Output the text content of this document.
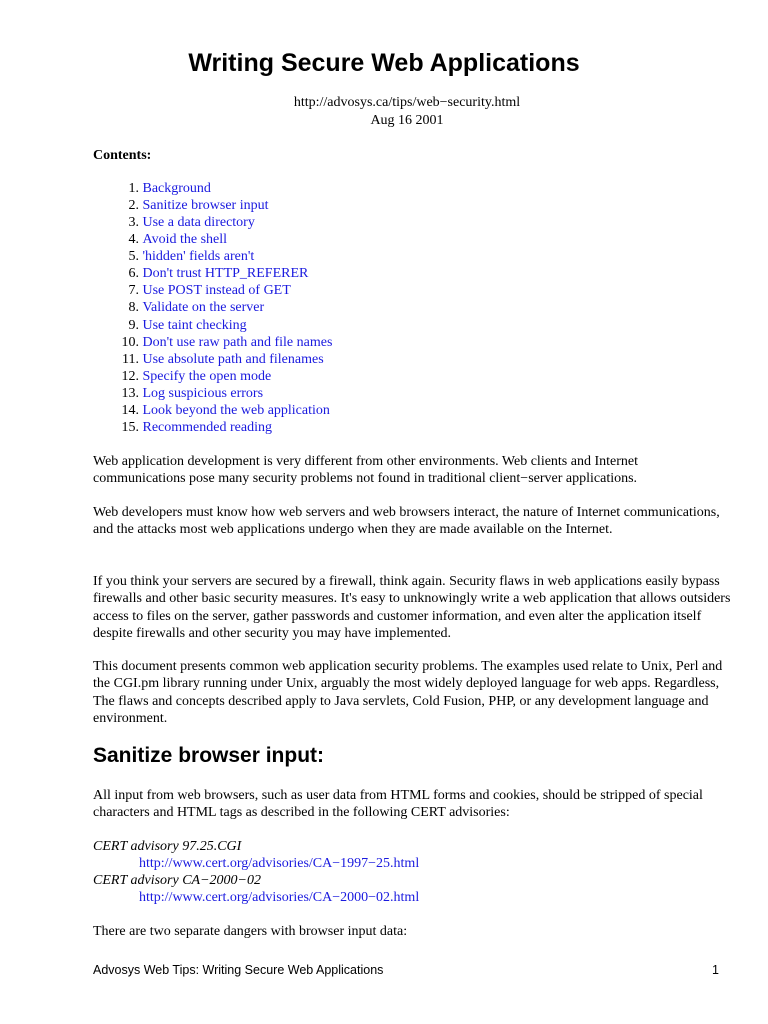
Writing Secure Web Applications
http://advosys.ca/tips/web−security.html
Aug 16 2001
Contents:
1.
Background
2.
Sanitize browser input
3.
Use a data directory
4.
Avoid the shell
5.
'hidden' fields aren't
6.
Don't trust HTTP_REFERER
7.
Use POST instead of GET
8.
Validate on the server
9.
Use taint checking
10.
Don't use raw path and file names
11.
Use absolute path and filenames
12.
Specify the open mode
13.
Log suspicious errors
14.
Look beyond the web application
15.
Recommended reading

Web application development is very different from other environments. Web clients and Internet communications pose many security problems not found in traditional client−server applications.

Web developers must know how web servers and web browsers interact, the nature of Internet communications, and the attacks most web applications undergo when they are made available on the Internet.

If you think your servers are secured by a firewall, think again. Security flaws in web applications easily bypass firewalls and other basic security measures. It's easy to unknowingly write a web application that allows outsiders access to files on the server, gather passwords and customer information, and even alter the application itself despite firewalls and other security you may have implemented.

This document presents common web application security problems. The examples used relate to Unix, Perl and the CGI.pm library running under Unix, arguably the most widely deployed language for web apps. Regardless, The flaws and concepts described apply to Java servlets, Cold Fusion, PHP, or any development language and environment.

Sanitize browser input:

All input from web browsers, such as user data from HTML forms and cookies, should be stripped of special characters and HTML tags as described in the following CERT advisories:

CERT advisory 97.25.CGI
http://www.cert.org/advisories/CA−1997−25.html
CERT advisory CA−2000−02
http://www.cert.org/advisories/CA−2000−02.html

There are two separate dangers with browser input data:

Advosys Web Tips: Writing Secure Web Applications	1
